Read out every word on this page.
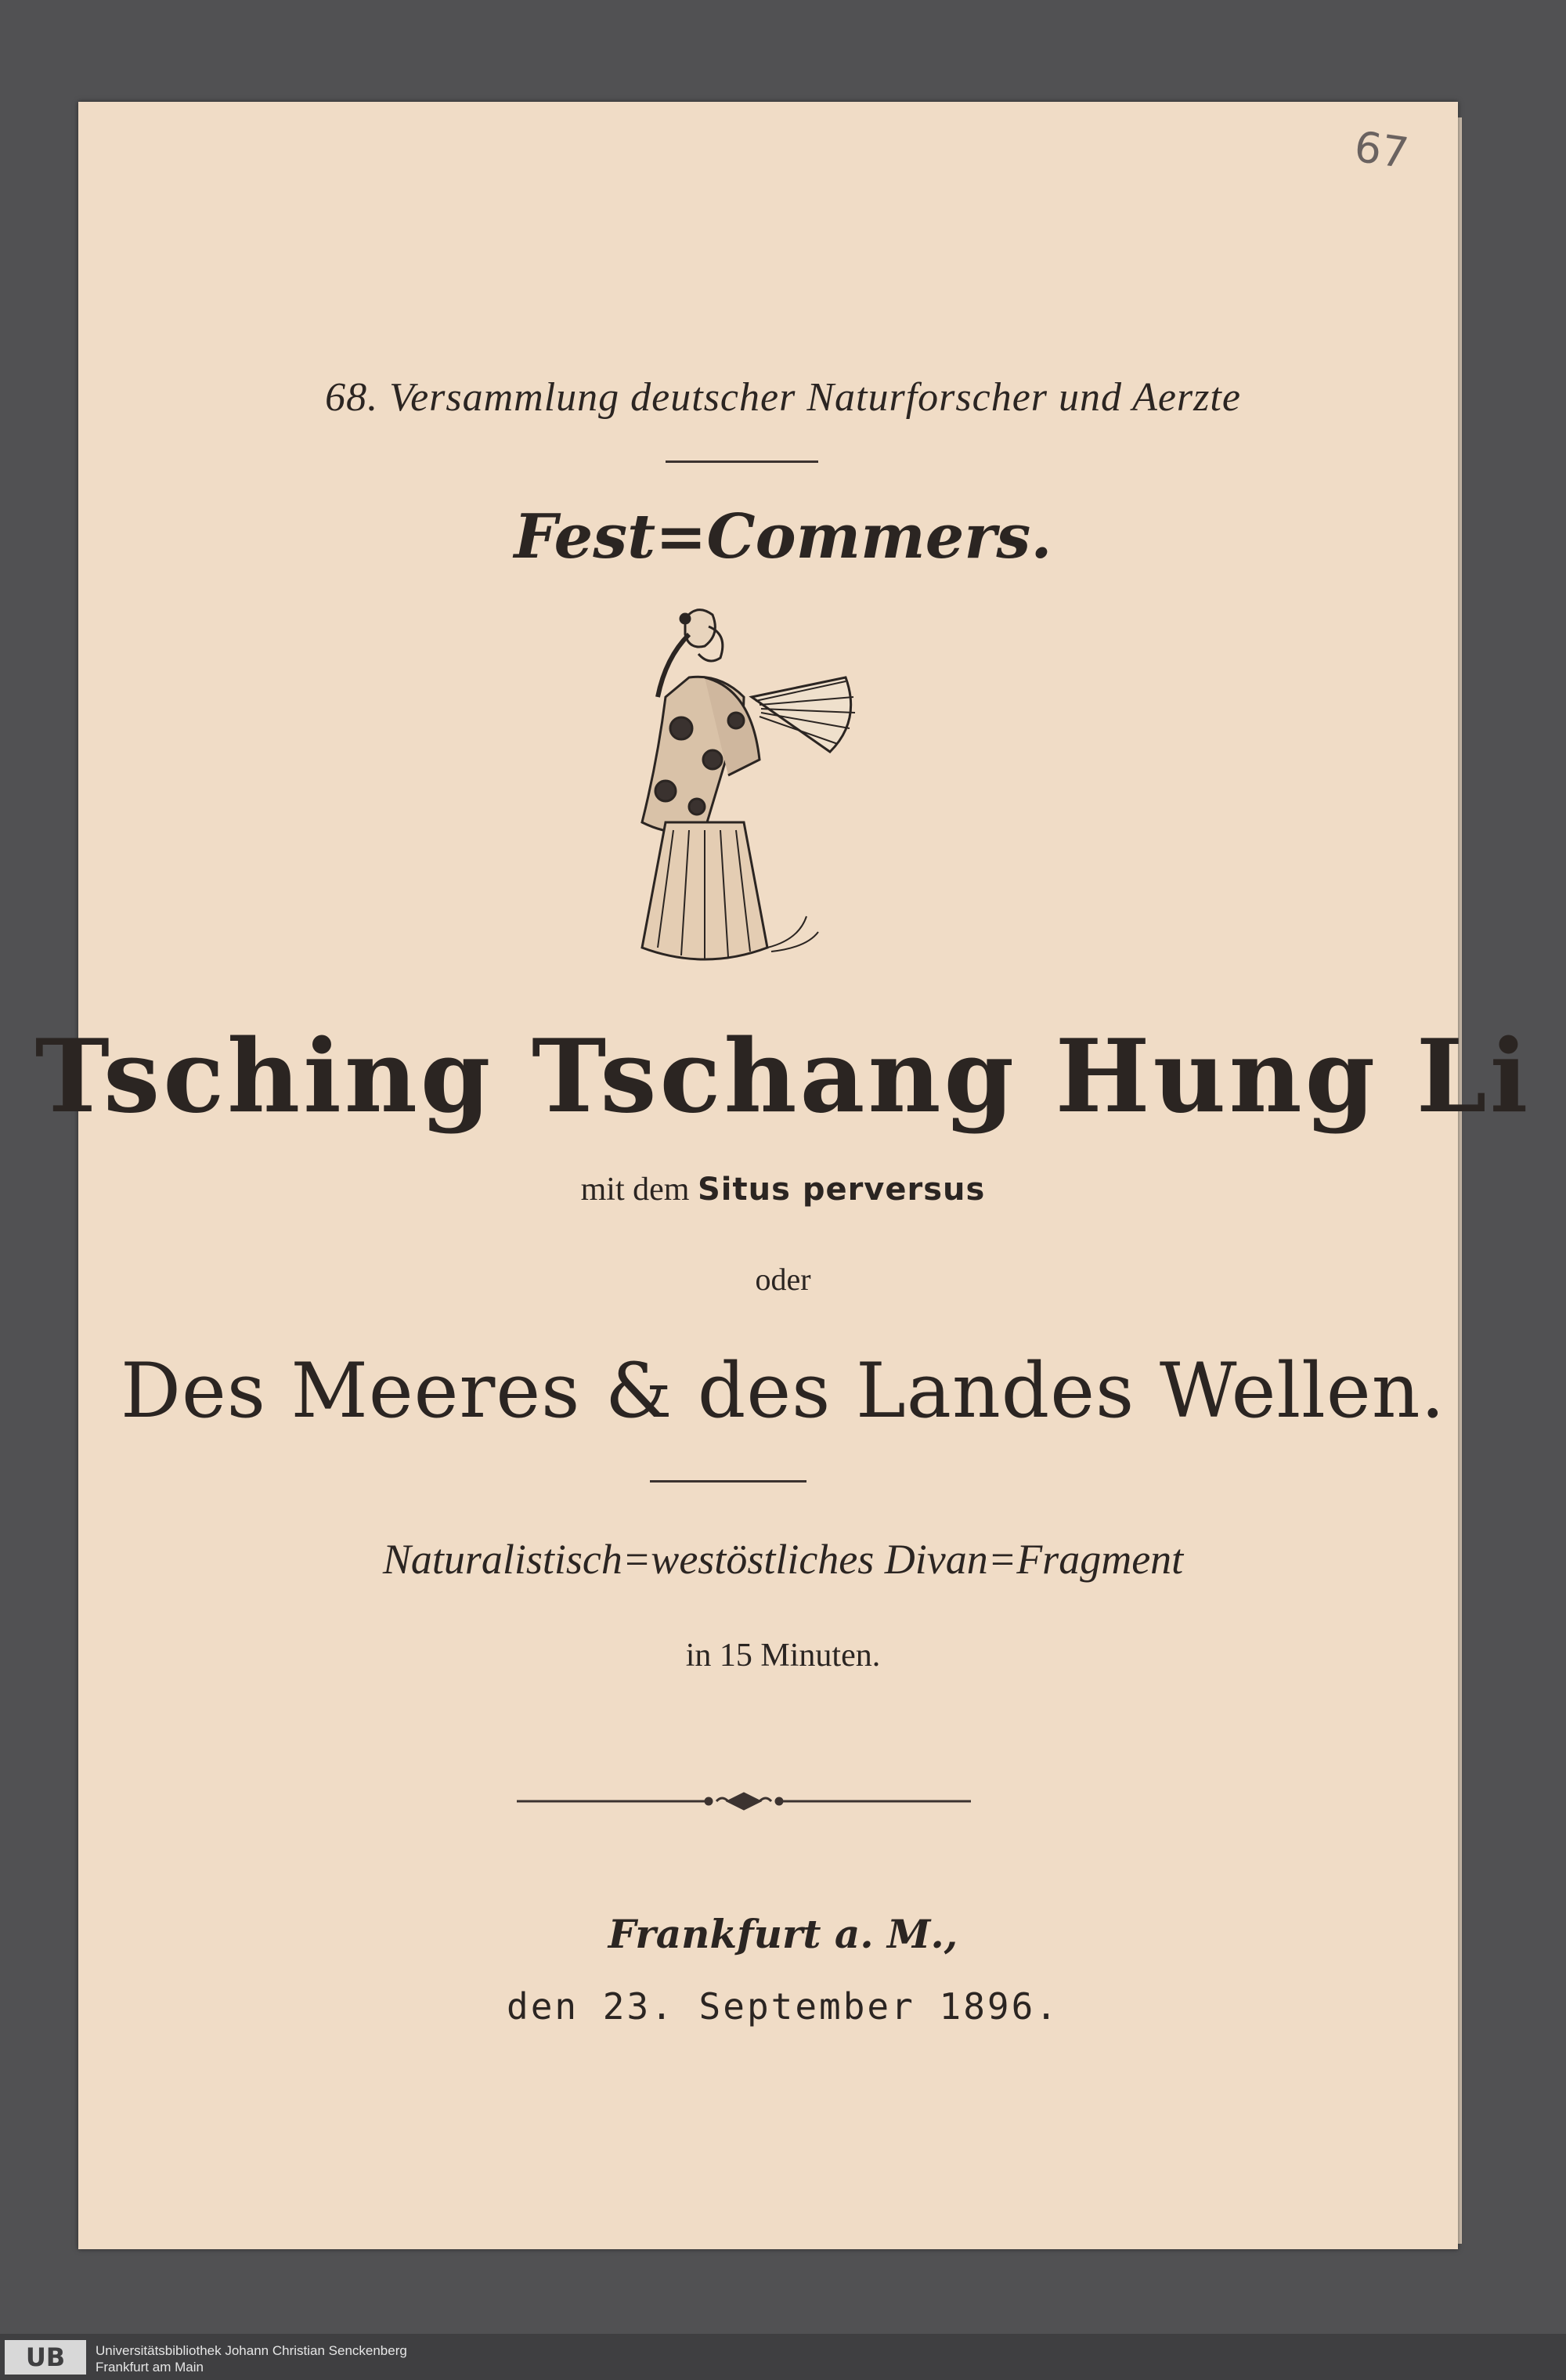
67
68. Versammlung deutscher Naturforscher und Aerzte
Fest=Commers.
Tsching Tschang Hung Li
mit dem Situs perversus
oder
Des Meeres & des Landes Wellen.
Naturalistisch=westöstliches Divan=Fragment
in 15 Minuten.
Frankfurt a. M.,
den 23. September 1896.
UB	Universitätsbibliothek Johann Christian Senckenberg
Frankfurt am Main
